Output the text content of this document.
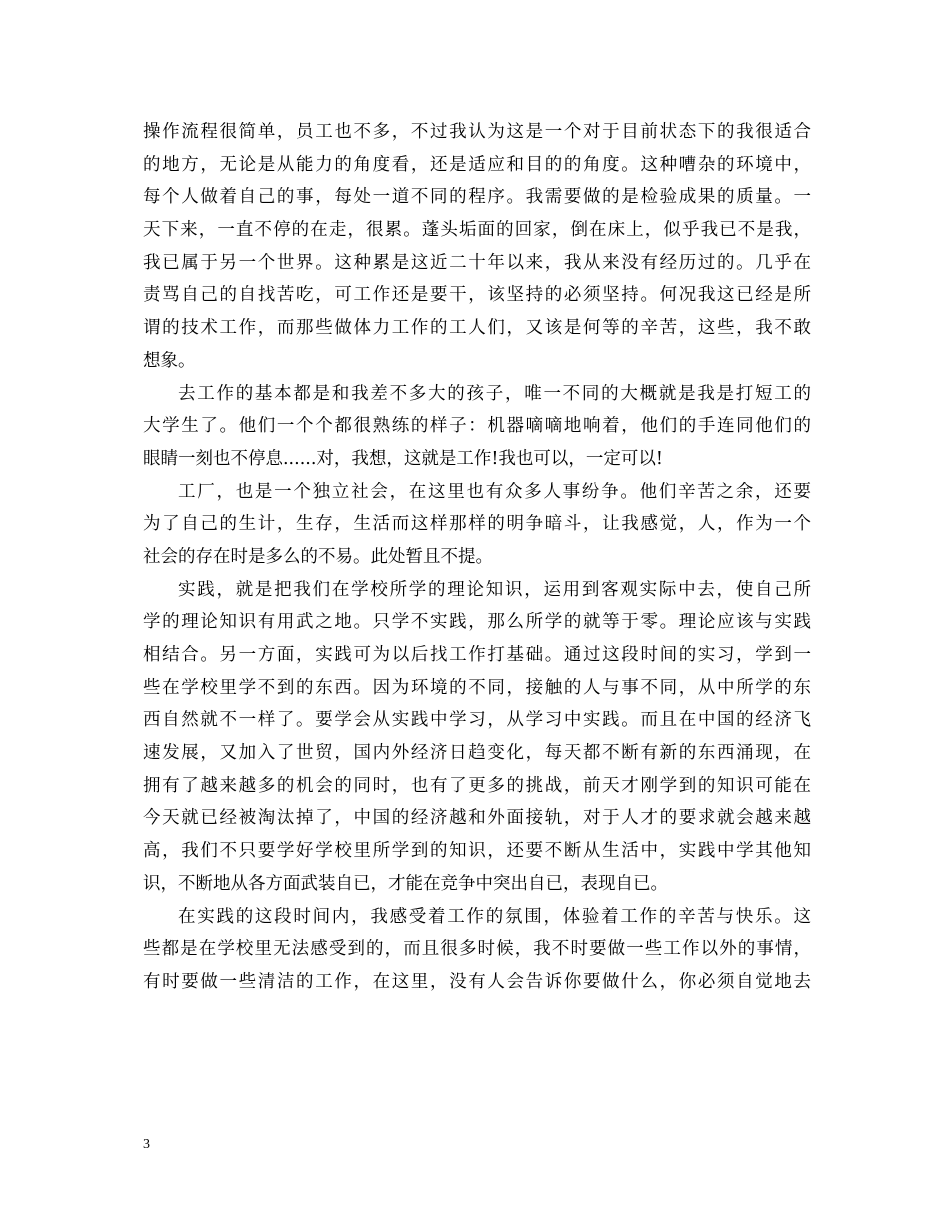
操作流程很简单，员工也不多，不过我认为这是一个对于目前状态下的我很适合
的地方，无论是从能力的角度看，还是适应和目的的角度。这种嘈杂的环境中，
每个人做着自己的事，每处一道不同的程序。我需要做的是检验成果的质量。一
天下来，一直不停的在走，很累。蓬头垢面的回家，倒在床上，似乎我已不是我，
我已属于另一个世界。这种累是这近二十年以来，我从来没有经历过的。几乎在
责骂自己的自找苦吃，可工作还是要干，该坚持的必须坚持。何况我这已经是所
谓的技术工作，而那些做体力工作的工人们，又该是何等的辛苦，这些，我不敢
想象。
去工作的基本都是和我差不多大的孩子，唯一不同的大概就是我是打短工的
大学生了。他们一个个都很熟练的样子：机器嘀嘀地响着，他们的手连同他们的
眼睛一刻也不停息......对，我想，这就是工作!我也可以，一定可以!
工厂，也是一个独立社会，在这里也有众多人事纷争。他们辛苦之余，还要
为了自己的生计，生存，生活而这样那样的明争暗斗，让我感觉，人，作为一个
社会的存在时是多么的不易。此处暂且不提。
实践，就是把我们在学校所学的理论知识，运用到客观实际中去，使自己所
学的理论知识有用武之地。只学不实践，那么所学的就等于零。理论应该与实践
相结合。另一方面，实践可为以后找工作打基础。通过这段时间的实习，学到一
些在学校里学不到的东西。因为环境的不同，接触的人与事不同，从中所学的东
西自然就不一样了。要学会从实践中学习，从学习中实践。而且在中国的经济飞
速发展，又加入了世贸，国内外经济日趋变化，每天都不断有新的东西涌现，在
拥有了越来越多的机会的同时，也有了更多的挑战，前天才刚学到的知识可能在
今天就已经被淘汰掉了，中国的经济越和外面接轨，对于人才的要求就会越来越
高，我们不只要学好学校里所学到的知识，还要不断从生活中，实践中学其他知
识，不断地从各方面武装自已，才能在竞争中突出自已，表现自已。
在实践的这段时间内，我感受着工作的氛围，体验着工作的辛苦与快乐。这
些都是在学校里无法感受到的，而且很多时候，我不时要做一些工作以外的事情，
有时要做一些清洁的工作，在这里，没有人会告诉你要做什么，你必须自觉地去
3
